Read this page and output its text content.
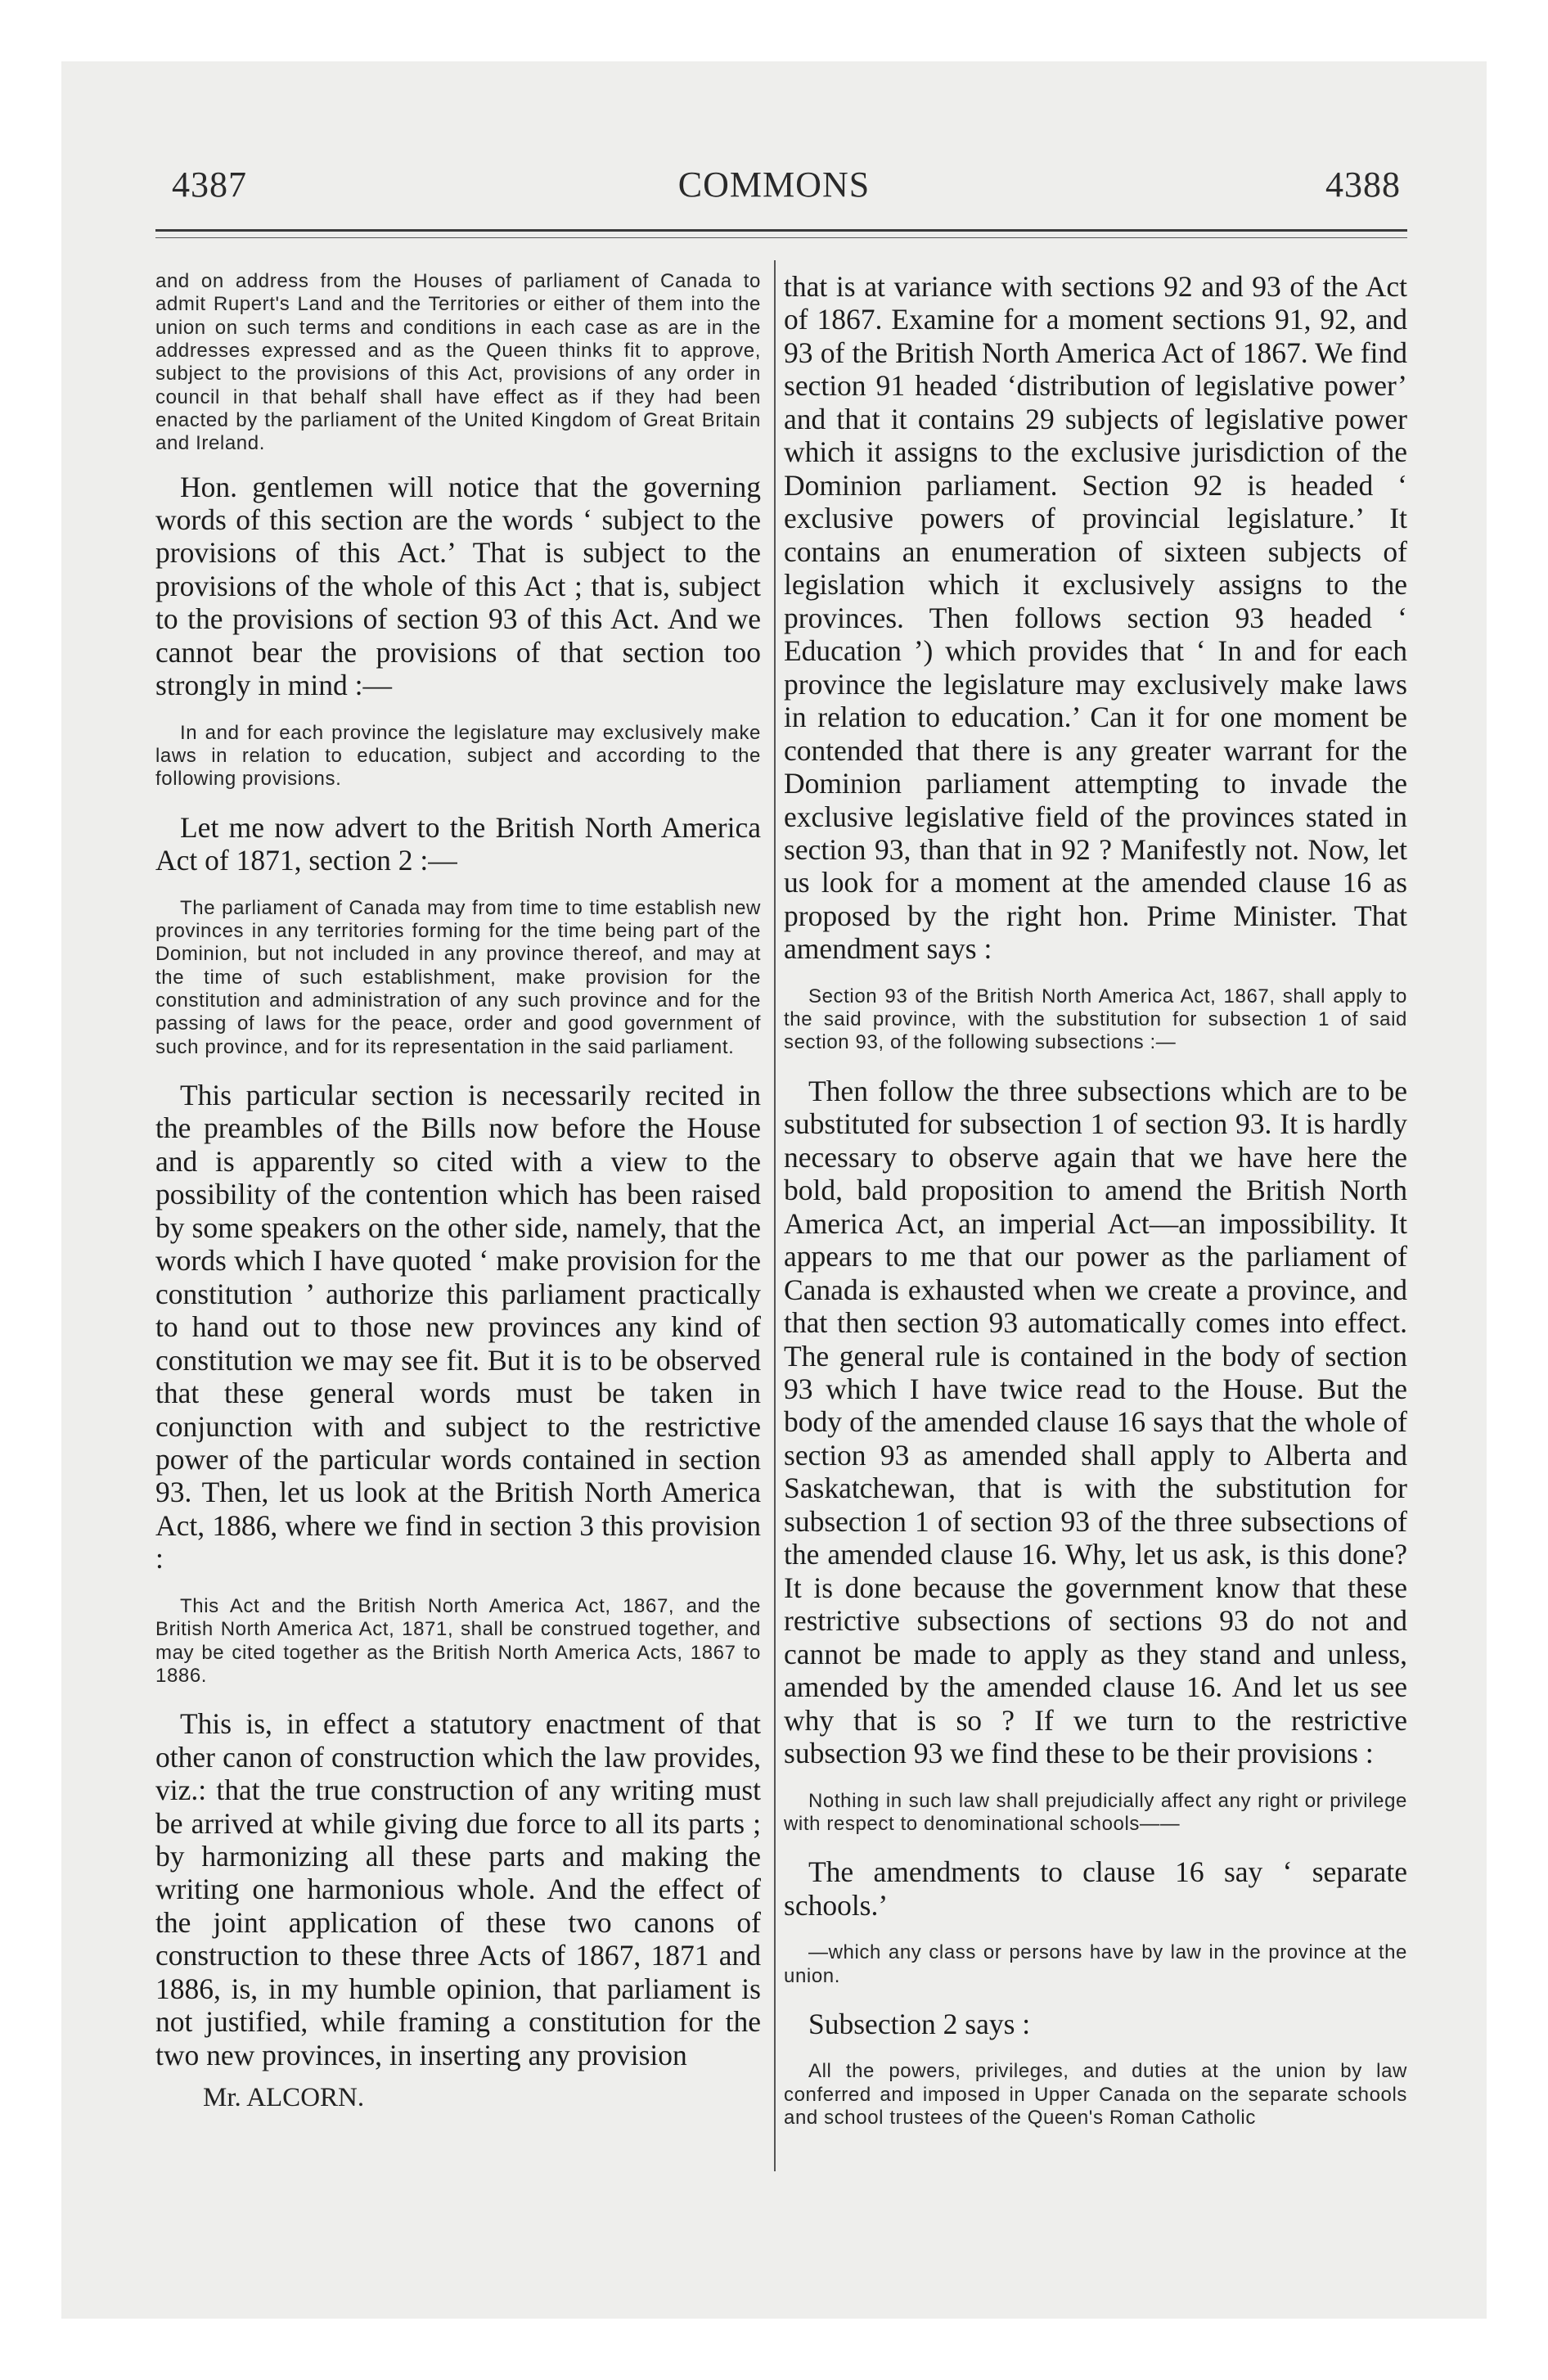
4387	COMMONS	4388

and on address from the Houses of parliament of Canada to admit Rupert's Land and the Territories or either of them into the union on such terms and conditions in each case as are in the addresses expressed and as the Queen thinks fit to approve, subject to the provisions of this Act, provisions of any order in council in that behalf shall have effect as if they had been enacted by the parliament of the United Kingdom of Great Britain and Ireland.

Hon. gentlemen will notice that the governing words of this section are the words ‘ subject to the provisions of this Act.’ That is subject to the provisions of the whole of this Act ; that is, subject to the provisions of section 93 of this Act. And we cannot bear the provisions of that section too strongly in mind :—

In and for each province the legislature may exclusively make laws in relation to education, subject and according to the following provisions.

Let me now advert to the British North America Act of 1871, section 2 :—

The parliament of Canada may from time to time establish new provinces in any territories forming for the time being part of the Dominion, but not included in any province thereof, and may at the time of such establishment, make provision for the constitution and administration of any such province and for the passing of laws for the peace, order and good government of such province, and for its representation in the said parliament.

This particular section is necessarily recited in the preambles of the Bills now before the House and is apparently so cited with a view to the possibility of the contention which has been raised by some speakers on the other side, namely, that the words which I have quoted ‘ make provision for the constitution ’ authorize this parliament practically to hand out to those new provinces any kind of constitution we may see fit. But it is to be observed that these general words must be taken in conjunction with and subject to the restrictive power of the particular words contained in section 93. Then, let us look at the British North America Act, 1886, where we find in section 3 this provision :

This Act and the British North America Act, 1867, and the British North America Act, 1871, shall be construed together, and may be cited together as the British North America Acts, 1867 to 1886.

This is, in effect a statutory enactment of that other canon of construction which the law provides, viz.: that the true construction of any writing must be arrived at while giving due force to all its parts ; by harmonizing all these parts and making the writing one harmonious whole. And the effect of the joint application of these two canons of construction to these three Acts of 1867, 1871 and 1886, is, in my humble opinion, that parliament is not justified, while framing a constitution for the two new provinces, in inserting any provision

Mr. ALCORN.

that is at variance with sections 92 and 93 of the Act of 1867. Examine for a moment sections 91, 92, and 93 of the British North America Act of 1867. We find section 91 headed ‘distribution of legislative power’ and that it contains 29 subjects of legislative power which it assigns to the exclusive jurisdiction of the Dominion parliament. Section 92 is headed ‘ exclusive powers of provincial legislature.’ It contains an enumeration of sixteen subjects of legislation which it exclusively assigns to the provinces. Then follows section 93 headed ‘ Education ’) which provides that ‘ In and for each province the legislature may exclusively make laws in relation to education.’ Can it for one moment be contended that there is any greater warrant for the Dominion parliament attempting to invade the exclusive legislative field of the provinces stated in section 93, than that in 92 ? Manifestly not. Now, let us look for a moment at the amended clause 16 as proposed by the right hon. Prime Minister. That amendment says :

Section 93 of the British North America Act, 1867, shall apply to the said province, with the substitution for subsection 1 of said section 93, of the following subsections :—

Then follow the three subsections which are to be substituted for subsection 1 of section 93. It is hardly necessary to observe again that we have here the bold, bald proposition to amend the British North America Act, an imperial Act—an impossibility. It appears to me that our power as the parliament of Canada is exhausted when we create a province, and that then section 93 automatically comes into effect. The general rule is contained in the body of section 93 which I have twice read to the House. But the body of the amended clause 16 says that the whole of section 93 as amended shall apply to Alberta and Saskatchewan, that is with the substitution for subsection 1 of section 93 of the three subsections of the amended clause 16. Why, let us ask, is this done? It is done because the government know that these restrictive subsections of sections 93 do not and cannot be made to apply as they stand and unless, amended by the amended clause 16. And let us see why that is so ? If we turn to the restrictive subsection 93 we find these to be their provisions :

Nothing in such law shall prejudicially affect any right or privilege with respect to denominational schools——

The amendments to clause 16 say ‘ separate schools.’

—which any class or persons have by law in the province at the union.

Subsection 2 says :

All the powers, privileges, and duties at the union by law conferred and imposed in Upper Canada on the separate schools and school trustees of the Queen's Roman Catholic
